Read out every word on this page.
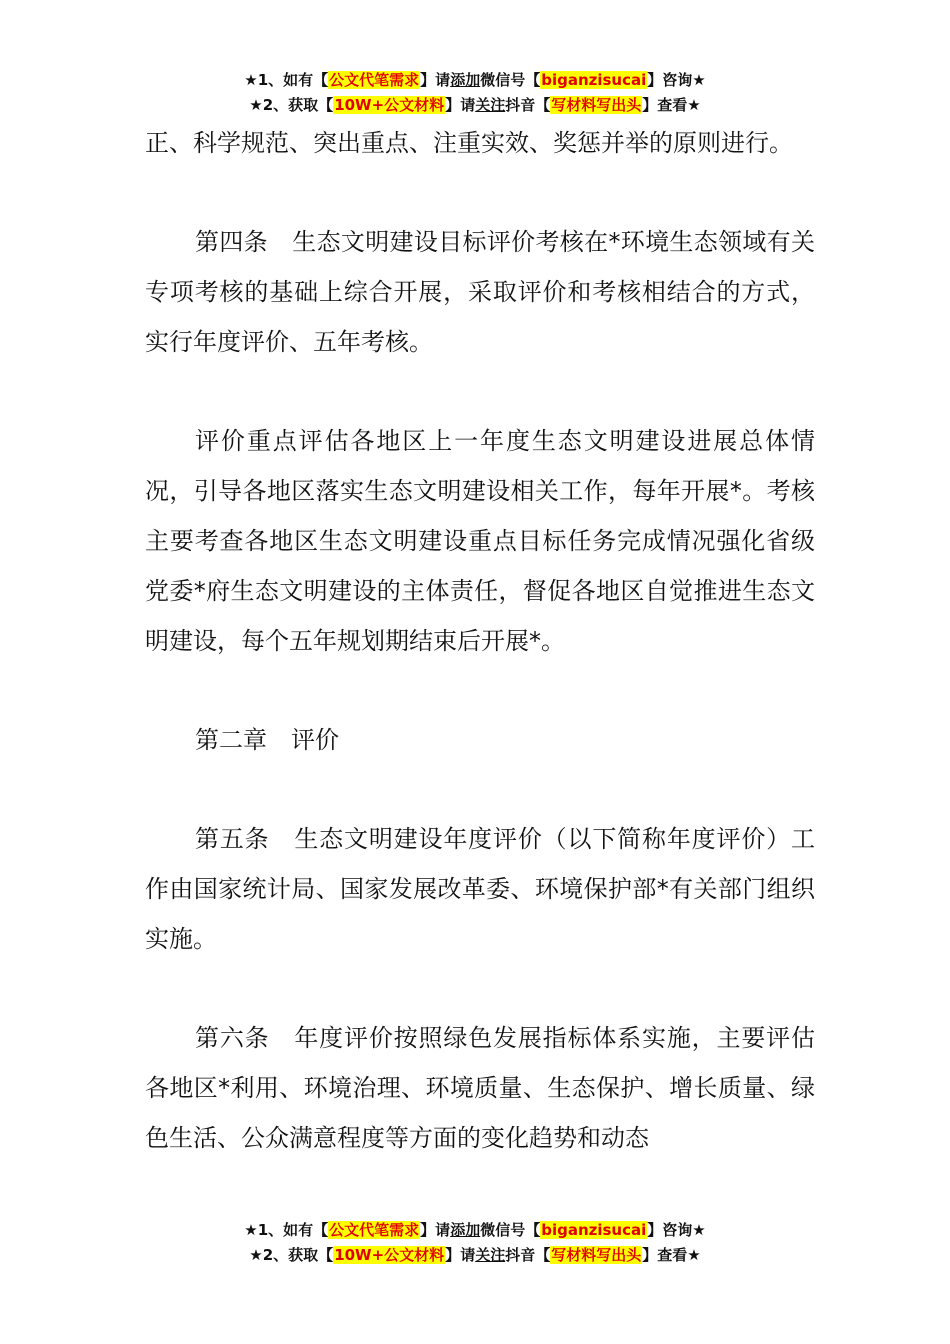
★1、如有【公文代笔需求】请添加微信号【biganzisucai】咨询★
★2、获取【10W+公文材料】请关注抖音【写材料写出头】查看★

正、科学规范、突出重点、注重实效、奖惩并举的原则进行。

第四条　生态文明建设目标评价考核在*环境生态领域有关专项考核的基础上综合开展，采取评价和考核相结合的方式，实行年度评价、五年考核。

评价重点评估各地区上一年度生态文明建设进展总体情况，引导各地区落实生态文明建设相关工作，每年开展*。考核主要考查各地区生态文明建设重点目标任务完成情况强化省级党委*府生态文明建设的主体责任，督促各地区自觉推进生态文明建设，每个五年规划期结束后开展*。

第二章　评价

第五条　生态文明建设年度评价（以下简称年度评价）工作由国家统计局、国家发展改革委、环境保护部*有关部门组织实施。

第六条　年度评价按照绿色发展指标体系实施，主要评估各地区*利用、环境治理、环境质量、生态保护、增长质量、绿色生活、公众满意程度等方面的变化趋势和动态

★1、如有【公文代笔需求】请添加微信号【biganzisucai】咨询★
★2、获取【10W+公文材料】请关注抖音【写材料写出头】查看★
